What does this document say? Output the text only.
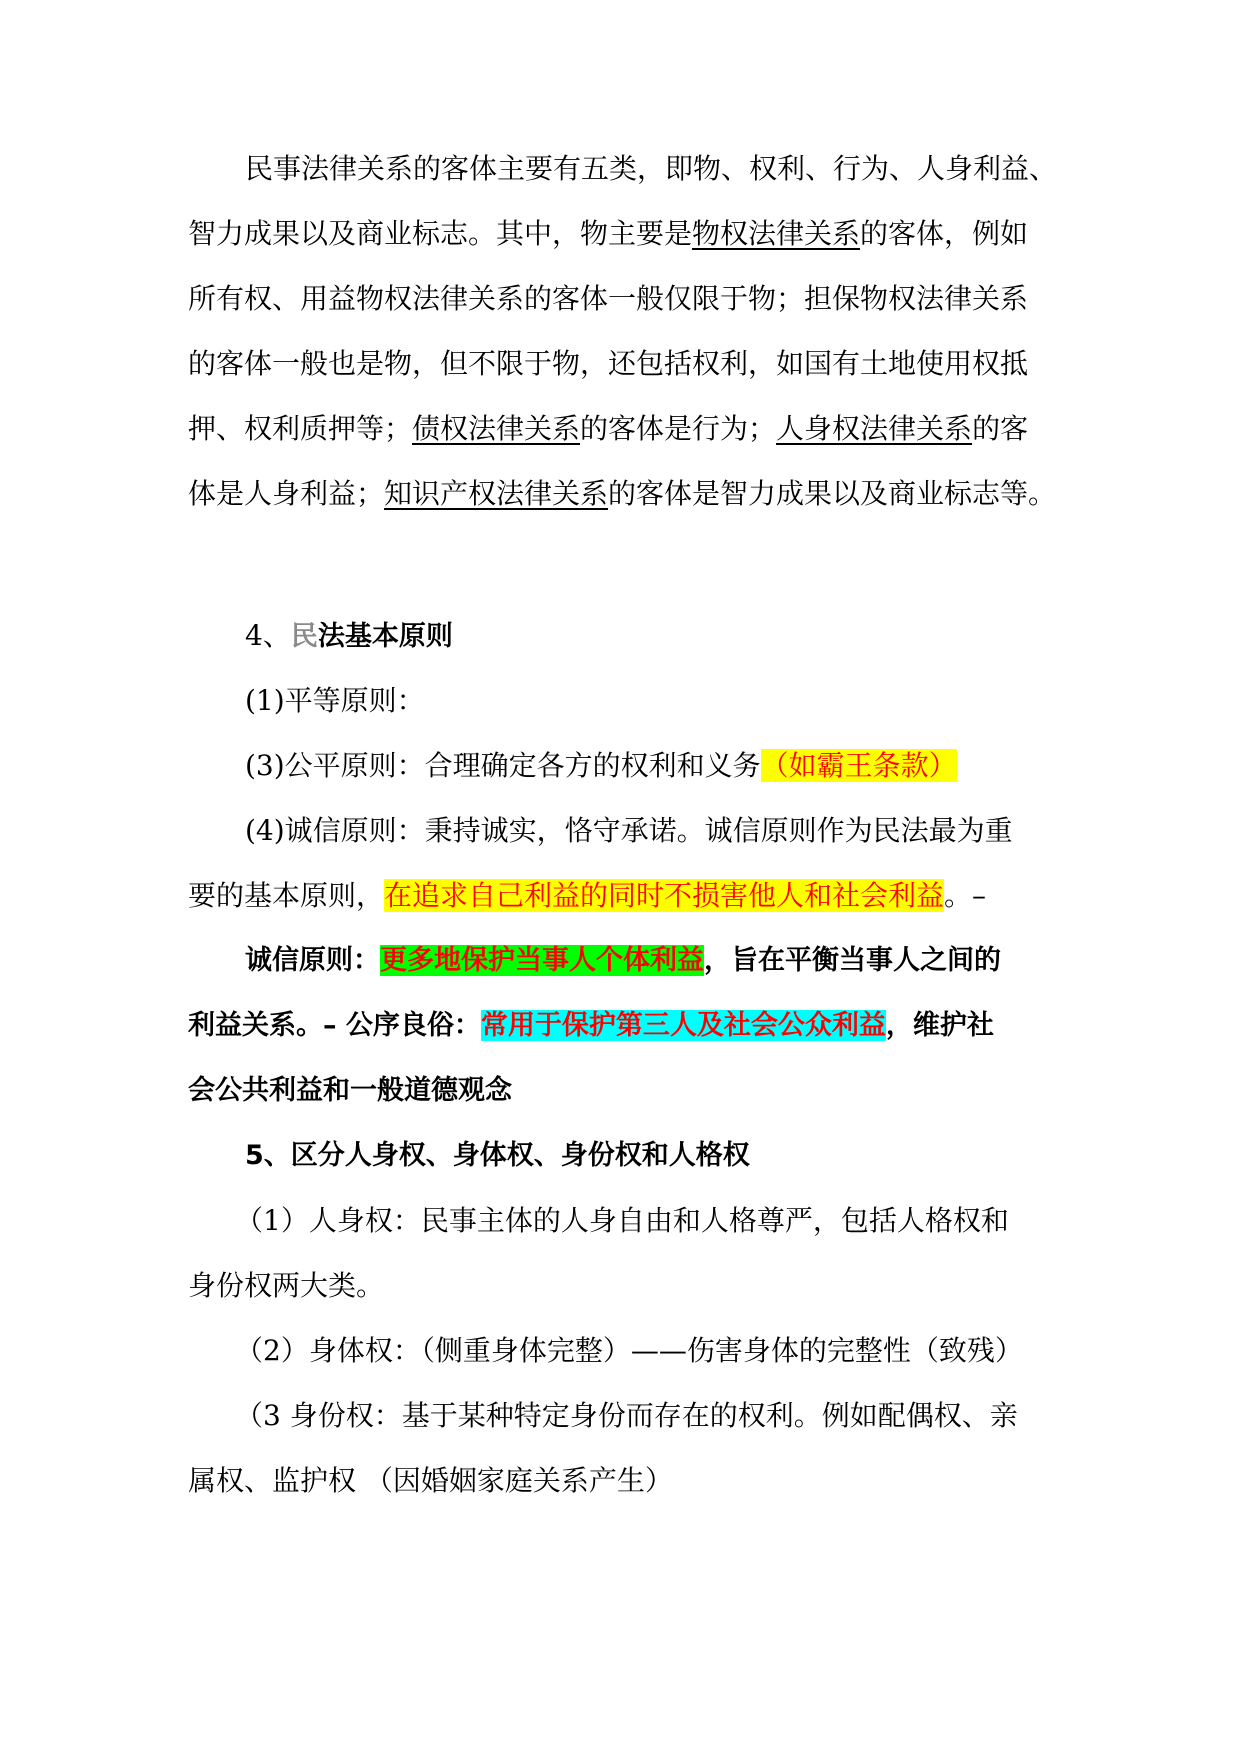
民事法律关系的客体主要有五类，即物、权利、行为、人身利益、
智力成果以及商业标志。其中，物主要是物权法律关系的客体，例如
所有权、用益物权法律关系的客体一般仅限于物；担保物权法律关系
的客体一般也是物，但不限于物，还包括权利，如国有土地使用权抵
押、权利质押等；债权法律关系的客体是行为；人身权法律关系的客
体是人身利益；知识产权法律关系的客体是智力成果以及商业标志等。
4、民法基本原则
(1)平等原则：
(3)公平原则：合理确定各方的权利和义务（如霸王条款）
(4)诚信原则：秉持诚实，恪守承诺。诚信原则作为民法最为重
要的基本原则，在追求自己利益的同时不损害他人和社会利益。–
诚信原则：更多地保护当事人个体利益，旨在平衡当事人之间的
利益关系。– 公序良俗：常用于保护第三人及社会公众利益，维护社
会公共利益和一般道德观念
5、区分人身权、身体权、身份权和人格权
（1）人身权：民事主体的人身自由和人格尊严，包括人格权和
身份权两大类。
（2）身体权：（侧重身体完整）——伤害身体的完整性（致残）
（3 身份权：基于某种特定身份而存在的权利。例如配偶权、亲
属权、监护权 （因婚姻家庭关系产生）
